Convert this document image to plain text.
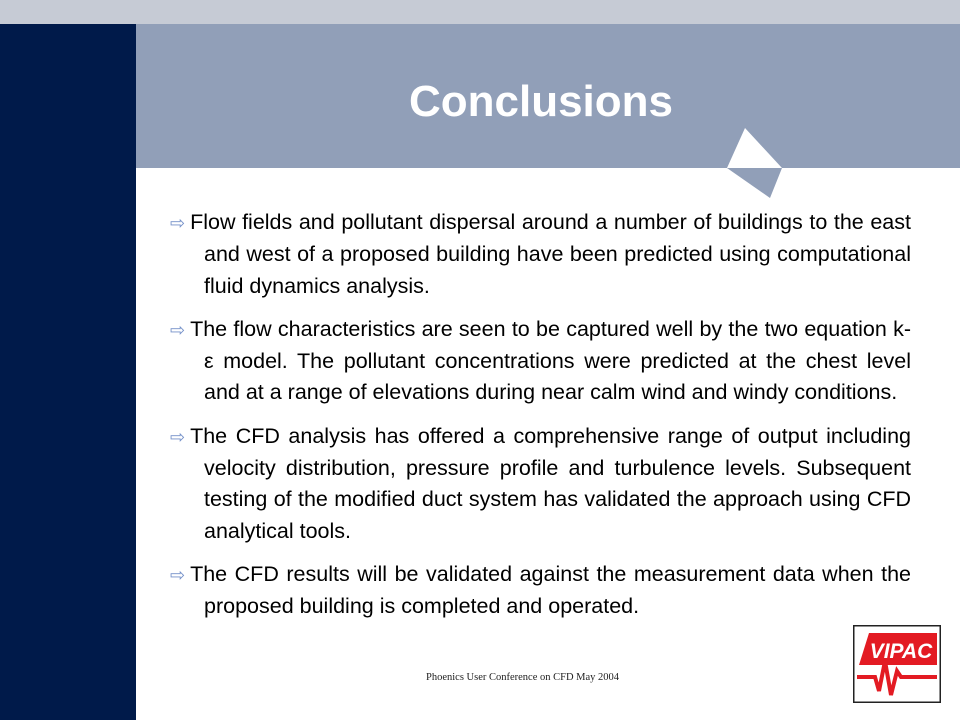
Conclusions

⇨ Flow fields and pollutant dispersal around a number of buildings to the east and west of a proposed building have been predicted using computational fluid dynamics analysis.

⇨ The flow characteristics are seen to be captured well by the two equation k-ε model. The pollutant concentrations were predicted at the chest level and at a range of elevations during near calm wind and windy conditions.

⇨ The CFD analysis has offered a comprehensive range of output including velocity distribution, pressure profile and turbulence levels. Subsequent testing of the modified duct system has validated the approach using CFD analytical tools.

⇨ The CFD results will be validated against the measurement data when the proposed building is completed and operated.

Phoenics User Conference on CFD May 2004
VIPAC
